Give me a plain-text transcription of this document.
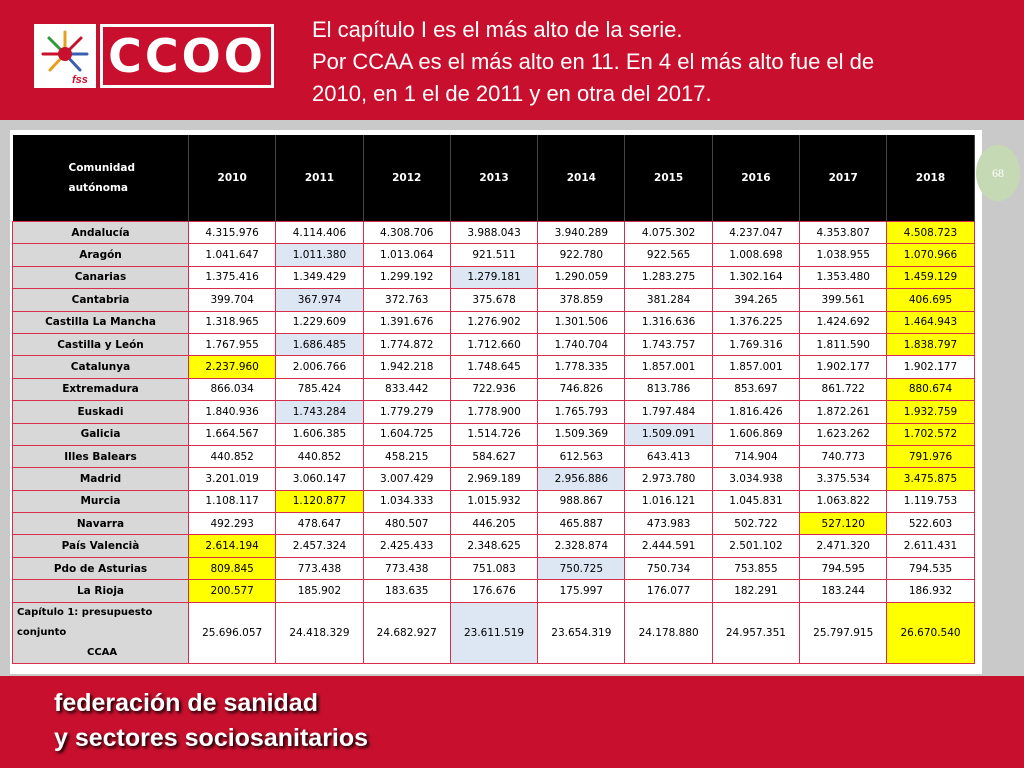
fss CCOO El capítulo I es el más alto de la serie.
Por CCAA es el más alto en 11. En 4 el más alto fue el de
2010, en 1 el de 2011 y en otra del 2017.
68
Comunidad
autónoma	2010	2011	2012	2013	2014	2015	2016	2017	2018
Andalucía	4.315.976	4.114.406	4.308.706	3.988.043	3.940.289	4.075.302	4.237.047	4.353.807	4.508.723
Aragón	1.041.647	1.011.380	1.013.064	921.511	922.780	922.565	1.008.698	1.038.955	1.070.966
Canarias	1.375.416	1.349.429	1.299.192	1.279.181	1.290.059	1.283.275	1.302.164	1.353.480	1.459.129
Cantabria	399.704	367.974	372.763	375.678	378.859	381.284	394.265	399.561	406.695
Castilla La Mancha	1.318.965	1.229.609	1.391.676	1.276.902	1.301.506	1.316.636	1.376.225	1.424.692	1.464.943
Castilla y León	1.767.955	1.686.485	1.774.872	1.712.660	1.740.704	1.743.757	1.769.316	1.811.590	1.838.797
Catalunya	2.237.960	2.006.766	1.942.218	1.748.645	1.778.335	1.857.001	1.857.001	1.902.177	1.902.177
Extremadura	866.034	785.424	833.442	722.936	746.826	813.786	853.697	861.722	880.674
Euskadi	1.840.936	1.743.284	1.779.279	1.778.900	1.765.793	1.797.484	1.816.426	1.872.261	1.932.759
Galicia	1.664.567	1.606.385	1.604.725	1.514.726	1.509.369	1.509.091	1.606.869	1.623.262	1.702.572
Illes Balears	440.852	440.852	458.215	584.627	612.563	643.413	714.904	740.773	791.976
Madrid	3.201.019	3.060.147	3.007.429	2.969.189	2.956.886	2.973.780	3.034.938	3.375.534	3.475.875
Murcia	1.108.117	1.120.877	1.034.333	1.015.932	988.867	1.016.121	1.045.831	1.063.822	1.119.753
Navarra	492.293	478.647	480.507	446.205	465.887	473.983	502.722	527.120	522.603
País Valencià	2.614.194	2.457.324	2.425.433	2.348.625	2.328.874	2.444.591	2.501.102	2.471.320	2.611.431
Pdo de Asturias	809.845	773.438	773.438	751.083	750.725	750.734	753.855	794.595	794.535
La Rioja	200.577	185.902	183.635	176.676	175.997	176.077	182.291	183.244	186.932
Capítulo 1: presupuesto conjunto
CCAA	25.696.057	24.418.329	24.682.927	23.611.519	23.654.319	24.178.880	24.957.351	25.797.915	26.670.540
federación de sanidad
y sectores sociosanitarios
